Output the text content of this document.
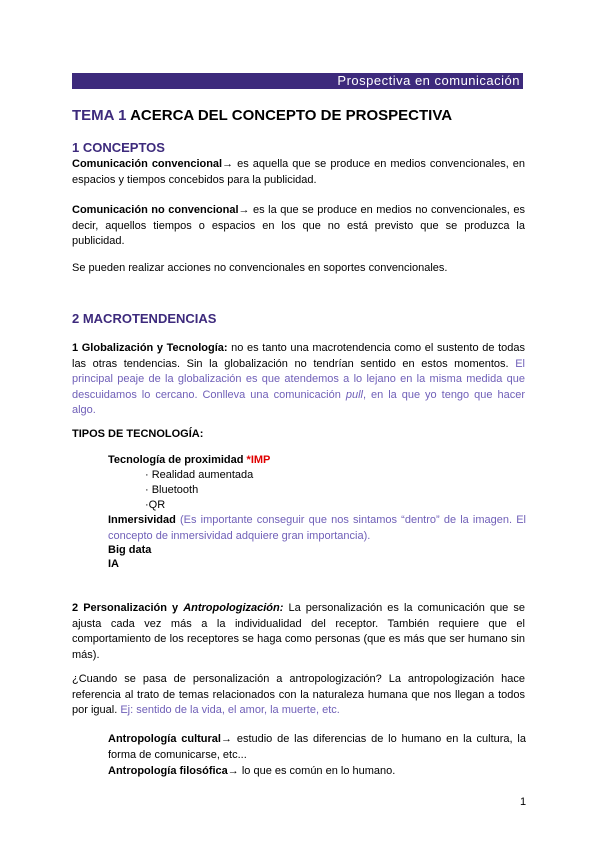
Prospectiva en comunicación
TEMA 1 ACERCA DEL CONCEPTO DE PROSPECTIVA
1 CONCEPTOS
Comunicación convencional→ es aquella que se produce en medios convencionales, en espacios y tiempos concebidos para la publicidad.
Comunicación no convencional→ es la que se produce en medios no convencionales, es decir, aquellos tiempos o espacios en los que no está previsto que se produzca la publicidad.
Se pueden realizar acciones no convencionales en soportes convencionales.
2 MACROTENDENCIAS
1 Globalización y Tecnología: no es tanto una macrotendencia como el sustento de todas las otras tendencias. Sin la globalización no tendrían sentido en estos momentos. El principal peaje de la globalización es que atendemos a lo lejano en la misma medida que descuidamos lo cercano. Conlleva una comunicación pull, en la que yo tengo que hacer algo.
TIPOS DE TECNOLOGÍA:
Tecnología de proximidad *IMP
· Realidad aumentada
· Bluetooth
·QR
Inmersividad (Es importante conseguir que nos sintamos “dentro” de la imagen. El concepto de inmersividad adquiere gran importancia).
Big data
IA
2 Personalización y Antropologización: La personalización es la comunicación que se ajusta cada vez más a la individualidad del receptor. También requiere que el comportamiento de los receptores se haga como personas (que es más que ser humano sin más).
¿Cuando se pasa de personalización a antropologización? La antropologización hace referencia al trato de temas relacionados con la naturaleza humana que nos llegan a todos por igual. Ej: sentido de la vida, el amor, la muerte, etc.
Antropología cultural→ estudio de las diferencias de lo humano en la cultura, la forma de comunicarse, etc...
Antropología filosófica→ lo que es común en lo humano.
1
